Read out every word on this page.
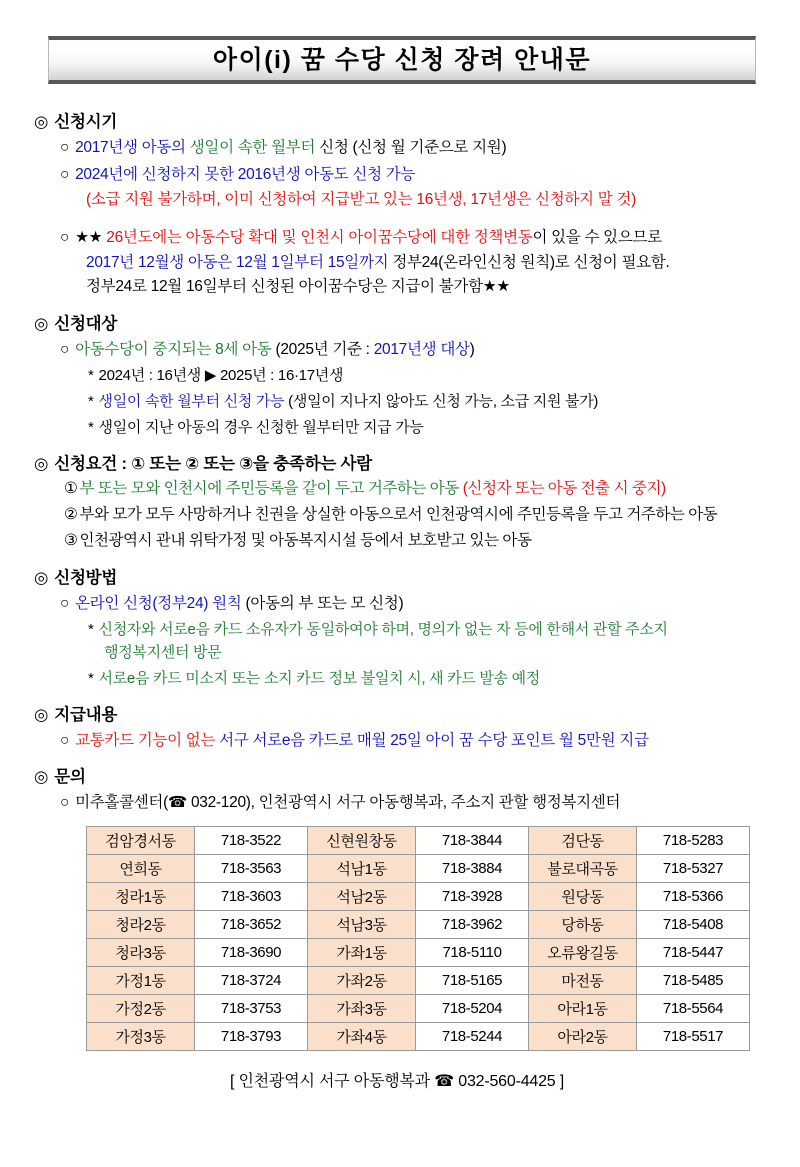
아이(i) 꿈 수당 신청 장려 안내문
◎ 신청시기
○ 2017년생 아동의 생일이 속한 월부터 신청 (신청 월 기준으로 지원)
○ 2024년에 신청하지 못한 2016년생 아동도 신청 가능
(소급 지원 불가하며, 이미 신청하여 지급받고 있는 16년생, 17년생은 신청하지 말 것)
○ ★★ 26년도에는 아동수당 확대 및 인천시 아이꿈수당에 대한 정책변동이 있을 수 있으므로
2017년 12월생 아동은 12월 1일부터 15일까지 정부24(온라인신청 원칙)로 신청이 필요함.
정부24로 12월 16일부터 신청된 아이꿈수당은 지급이 불가함★★
◎ 신청대상
○ 아동수당이 중지되는 8세 아동 (2025년 기준 : 2017년생 대상)
* 2024년 : 16년생 ▶ 2025년 : 16·17년생
* 생일이 속한 월부터 신청 가능 (생일이 지나지 않아도 신청 가능, 소급 지원 불가)
* 생일이 지난 아동의 경우 신청한 월부터만 지급 가능
◎ 신청요건 : ① 또는 ② 또는 ③을 충족하는 사람
① 부 또는 모와 인천시에 주민등록을 같이 두고 거주하는 아동 (신청자 또는 아동 전출 시 중지)
② 부와 모가 모두 사망하거나 친권을 상실한 아동으로서 인천광역시에 주민등록을 두고 거주하는 아동
③ 인천광역시 관내 위탁가정 및 아동복지시설 등에서 보호받고 있는 아동
◎ 신청방법
○ 온라인 신청(정부24) 원칙 (아동의 부 또는 모 신청)
* 신청자와 서로e음 카드 소유자가 동일하여야 하며, 명의가 없는 자 등에 한해서 관할 주소지
행정복지센터 방문
* 서로e음 카드 미소지 또는 소지 카드 정보 불일치 시, 새 카드 발송 예정
◎ 지급내용
○ 교통카드 기능이 없는 서구 서로e음 카드로 매월 25일 아이 꿈 수당 포인트 월 5만원 지급
◎ 문의
○ 미추홀콜센터(☎ 032-120), 인천광역시 서구 아동행복과, 주소지 관할 행정복지센터
검암경서동	718-3522	신현원창동	718-3844	검단동	718-5283
연희동	718-3563	석남1동	718-3884	불로대곡동	718-5327
청라1동	718-3603	석남2동	718-3928	원당동	718-5366
청라2동	718-3652	석남3동	718-3962	당하동	718-5408
청라3동	718-3690	가좌1동	718-5110	오류왕길동	718-5447
가정1동	718-3724	가좌2동	718-5165	마전동	718-5485
가정2동	718-3753	가좌3동	718-5204	아라1동	718-5564
가정3동	718-3793	가좌4동	718-5244	아라2동	718-5517
[ 인천광역시 서구 아동행복과 ☎ 032-560-4425 ]
